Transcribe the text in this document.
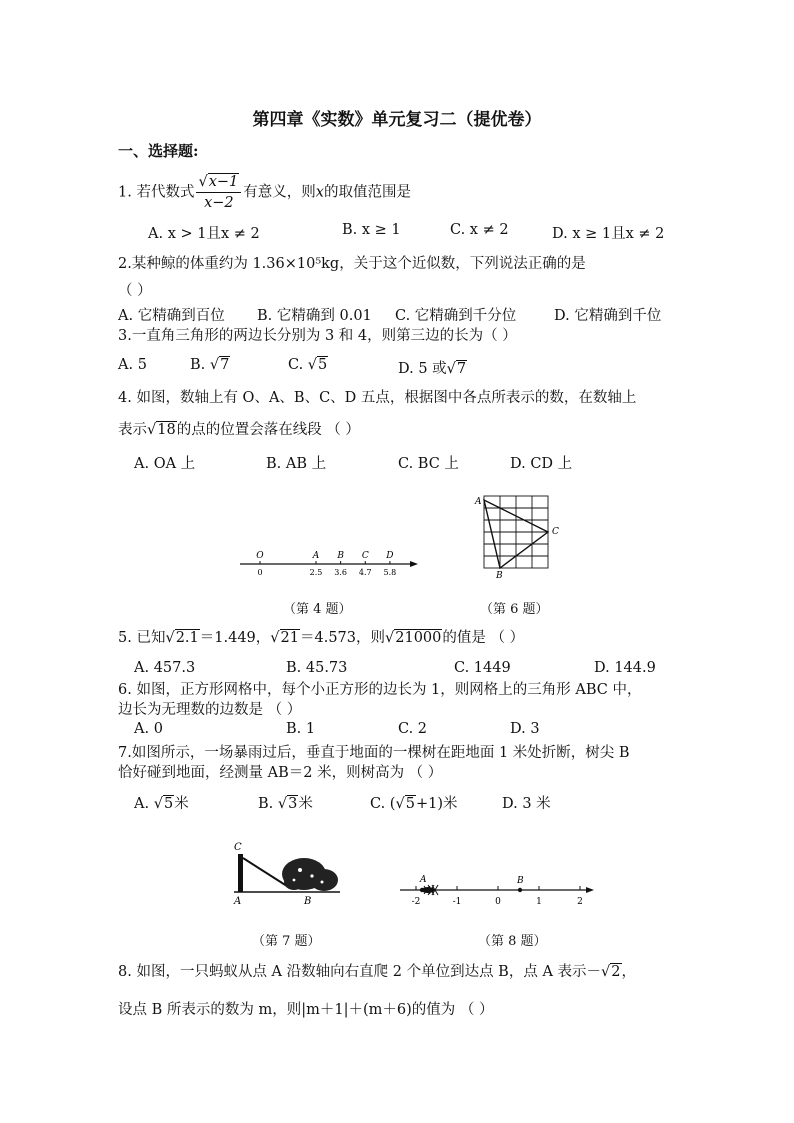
第四章《实数》单元复习二（提优卷）
一、选择题:
1. 若代数式 $\frac{√x-1}{x-2}$ 有意义，则x的取值范围是
A. x > 1且x ≠ 2	B. x ≥ 1	C. x ≠ 2	D. x ≥ 1且x ≠ 2
2.某种鲸的体重约为 1.36×10⁵kg，关于这个近似数，下列说法正确的是
（ ）
A. 它精确到百位 B. 它精确到 0.01 C. 它精确到千分位	D. 它精确到千位
3.一直角三角形的两边长分别为 3 和 4，则第三边的长为（ ）
A. 5	B. √7	C. √5	D. 5 或√7
4. 如图，数轴上有 O、A、B、C、D 五点，根据图中各点所表示的数，在数轴上
表示√18的点的位置会落在线段 （ ）
A. OA 上	B. AB 上	C. BC 上	D. CD 上
O
0
A
2.5
B
3.6
C
4.7
D
5.8
（第 4 题）
A
B
C
（第 6 题）
5. 已知√2.1＝1.449，√21＝4.573，则√21000的值是 （ ）
A. 457.3	B. 45.73	C. 1449	D. 144.9
6. 如图，正方形网格中，每个小正方形的边长为 1，则网格上的三角形 ABC 中，
边长为无理数的边数是 （ ）
A. 0	B. 1	C. 2	D. 3
7.如图所示，一场暴雨过后，垂直于地面的一棵树在距地面 1 米处折断，树尖 B
恰好碰到地面，经测量 AB＝2 米，则树高为 （ ）
A. √5米	B. √3米	C. (√5+1)米	D. 3 米
C
A	B
（第 7 题）
-2	-1	0	1	2
A	B
（第 8 题）
8. 如图，一只蚂蚁从点 A 沿数轴向右直爬 2 个单位到达点 B，点 A 表示－√2，
设点 B 所表示的数为 m，则|m＋1|＋(m＋6)的值为 （ ）
